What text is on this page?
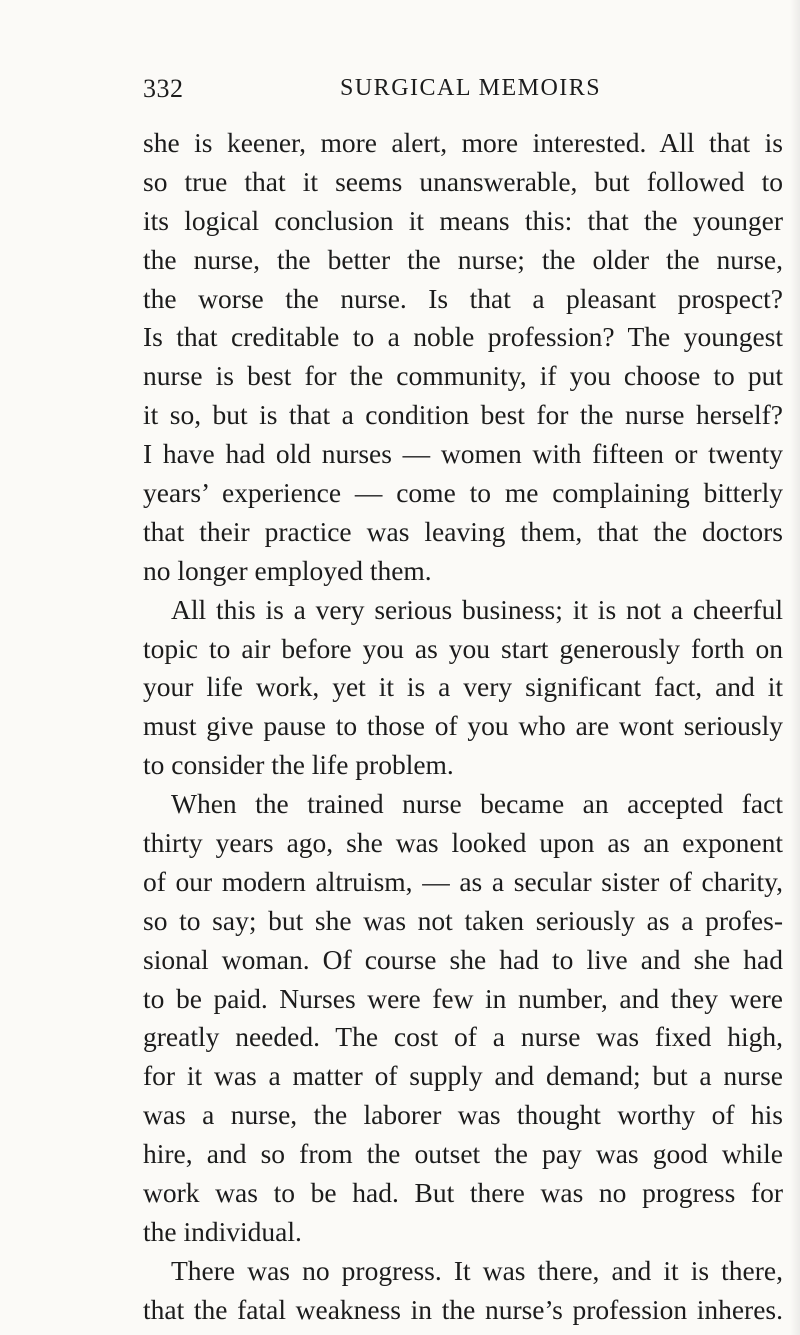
332	SURGICAL MEMOIRS
she is keener, more alert, more interested. All that is
so true that it seems unanswerable, but followed to
its logical conclusion it means this: that the younger
the nurse, the better the nurse; the older the nurse,
the worse the nurse. Is that a pleasant prospect?
Is that creditable to a noble profession? The youngest
nurse is best for the community, if you choose to put
it so, but is that a condition best for the nurse herself?
I have had old nurses — women with fifteen or twenty
years’ experience — come to me complaining bitterly
that their practice was leaving them, that the doctors
no longer employed them.
All this is a very serious business; it is not a cheerful
topic to air before you as you start generously forth on
your life work, yet it is a very significant fact, and it
must give pause to those of you who are wont seriously
to consider the life problem.
When the trained nurse became an accepted fact
thirty years ago, she was looked upon as an exponent
of our modern altruism, — as a secular sister of charity,
so to say; but she was not taken seriously as a profes-
sional woman. Of course she had to live and she had
to be paid. Nurses were few in number, and they were
greatly needed. The cost of a nurse was fixed high,
for it was a matter of supply and demand; but a nurse
was a nurse, the laborer was thought worthy of his
hire, and so from the outset the pay was good while
work was to be had. But there was no progress for
the individual.
There was no progress. It was there, and it is there,
that the fatal weakness in the nurse’s profession inheres.
